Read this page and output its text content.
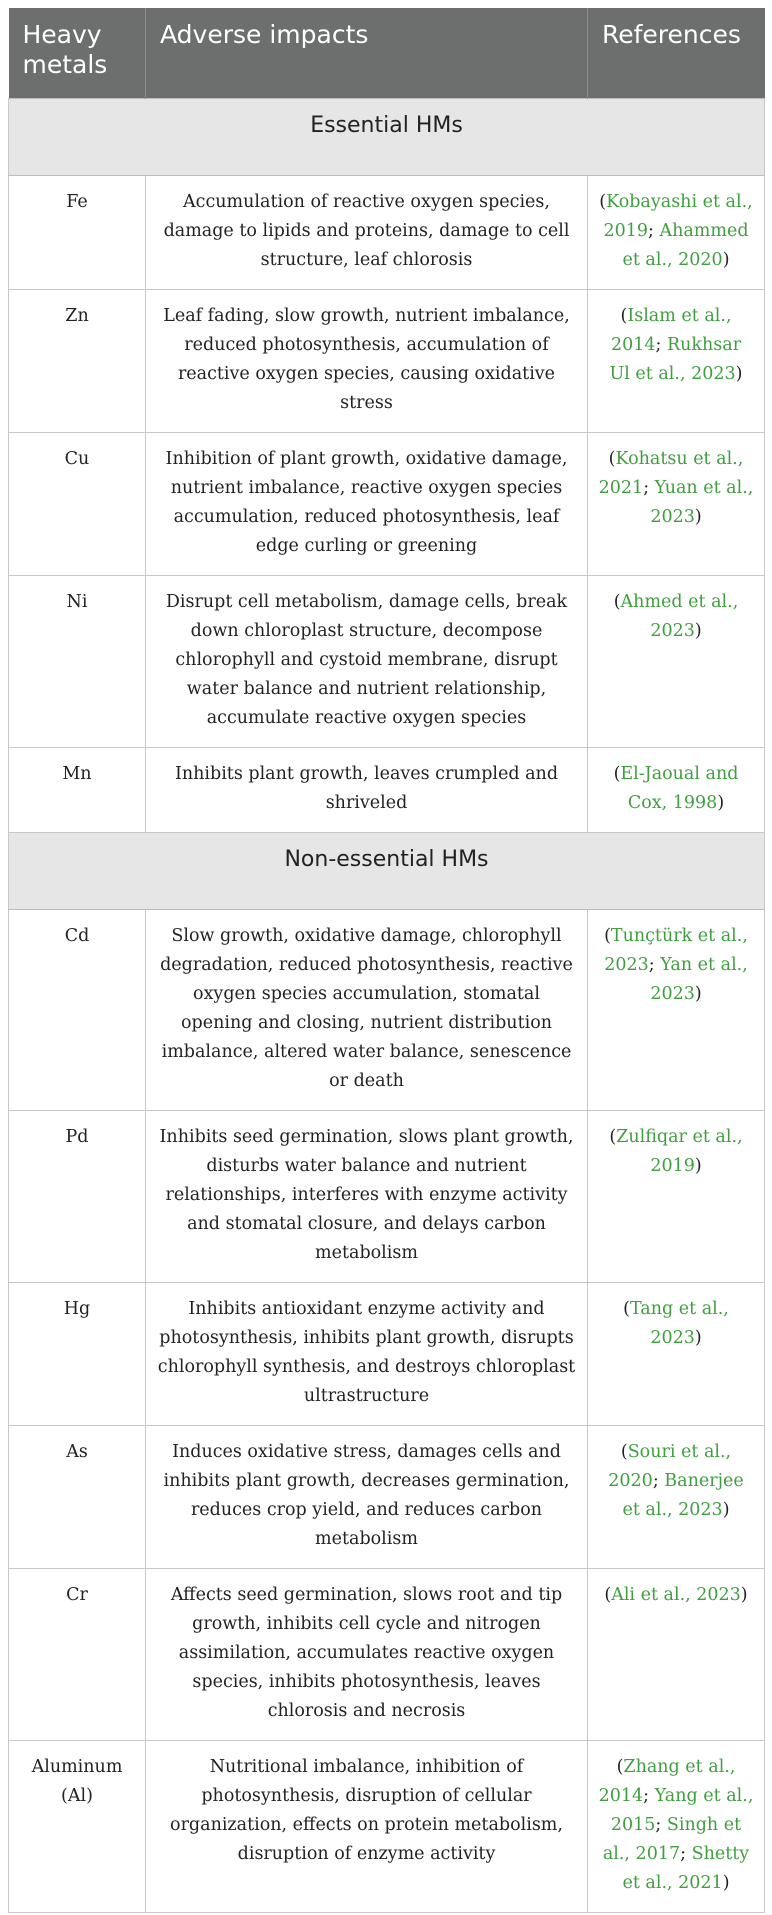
Heavy metals	Adverse impacts	References
Essential HMs		
Fe	Accumulation of reactive oxygen species, damage to lipids and proteins, damage to cell structure, leaf chlorosis	(Kobayashi et al., 2019; Ahammed et al., 2020)
Zn	Leaf fading, slow growth, nutrient imbalance, reduced photosynthesis, accumulation of reactive oxygen species, causing oxidative stress	(Islam et al., 2014; Rukhsar Ul et al., 2023)
Cu	Inhibition of plant growth, oxidative damage, nutrient imbalance, reactive oxygen species accumulation, reduced photosynthesis, leaf edge curling or greening	(Kohatsu et al., 2021; Yuan et al., 2023)
Ni	Disrupt cell metabolism, damage cells, break down chloroplast structure, decompose chlorophyll and cystoid membrane, disrupt water balance and nutrient relationship, accumulate reactive oxygen species	(Ahmed et al., 2023)
Mn	Inhibits plant growth, leaves crumpled and shriveled	(El-Jaoual and Cox, 1998)
Non-essential HMs		
Cd	Slow growth, oxidative damage, chlorophyll degradation, reduced photosynthesis, reactive oxygen species accumulation, stomatal opening and closing, nutrient distribution imbalance, altered water balance, senescence or death	(Tunçtürk et al., 2023; Yan et al., 2023)
Pd	Inhibits seed germination, slows plant growth, disturbs water balance and nutrient relationships, interferes with enzyme activity and stomatal closure, and delays carbon metabolism	(Zulfiqar et al., 2019)
Hg	Inhibits antioxidant enzyme activity and photosynthesis, inhibits plant growth, disrupts chlorophyll synthesis, and destroys chloroplast ultrastructure	(Tang et al., 2023)
As	Induces oxidative stress, damages cells and inhibits plant growth, decreases germination, reduces crop yield, and reduces carbon metabolism	(Souri et al., 2020; Banerjee et al., 2023)
Cr	Affects seed germination, slows root and tip growth, inhibits cell cycle and nitrogen assimilation, accumulates reactive oxygen species, inhibits photosynthesis, leaves chlorosis and necrosis	(Ali et al., 2023)
Aluminum (Al)	Nutritional imbalance, inhibition of photosynthesis, disruption of cellular organization, effects on protein metabolism, disruption of enzyme activity	(Zhang et al., 2014; Yang et al., 2015; Singh et al., 2017; Shetty et al., 2021)
